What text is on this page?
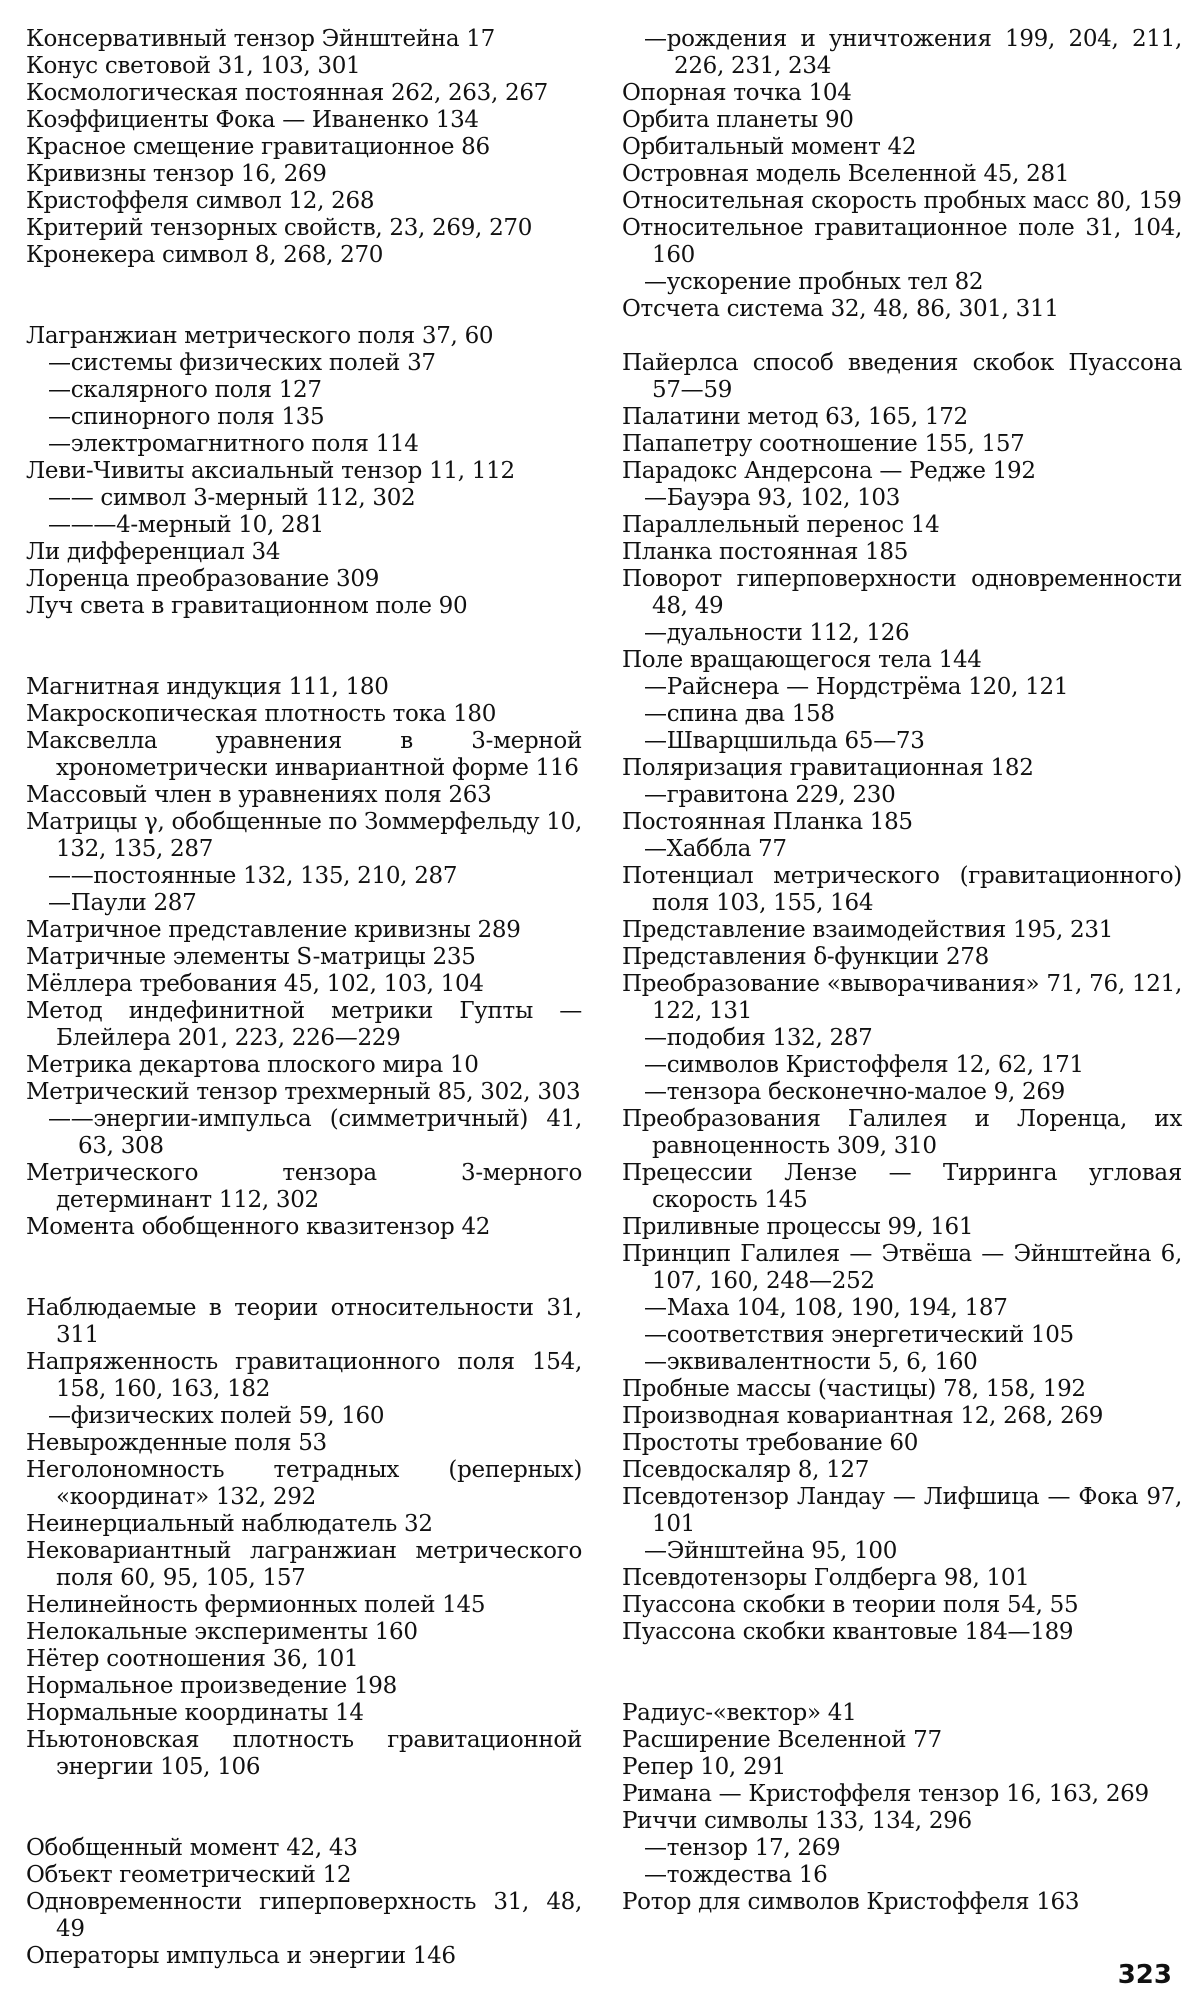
Консервативный тензор Эйнштейна 17
Конус световой 31, 103, 301
Космологическая постоянная 262, 263, 267
Коэффициенты Фока — Иваненко 134
Красное смещение гравитационное 86
Кривизны тензор 16, 269
Кристоффеля символ 12, 268
Критерий тензорных свойств, 23, 269, 270
Кронекера символ 8, 268, 270
Лагранжиан метрического поля 37, 60
—системы физических полей 37
—скалярного поля 127
—спинорного поля 135
—электромагнитного поля 114
Леви-Чивиты аксиальный тензор 11, 112
—— символ 3-мерный 112, 302
———4-мерный 10, 281
Ли дифференциал 34
Лоренца преобразование 309
Луч света в гравитационном поле 90
Магнитная индукция 111, 180
Макроскопическая плотность тока 180
Максвелла уравнения в 3-мерной хронометрически инвариантной форме 116
Массовый член в уравнениях поля 263
Матрицы γ, обобщенные по Зоммерфельду 10, 132, 135, 287
——постоянные 132, 135, 210, 287
—Паули 287
Матричное представление кривизны 289
Матричные элементы S-матрицы 235
Мёллера требования 45, 102, 103, 104
Метод индефинитной метрики Гупты — Блейлера 201, 223, 226—229
Метрика декартова плоского мира 10
Метрический тензор трехмерный 85, 302, 303
——энергии-импульса (симметричный) 41, 63, 308
Метрического тензора 3-мерного детерминант 112, 302
Момента обобщенного квазитензор 42
Наблюдаемые в теории относительности 31, 311
Напряженность гравитационного поля 154, 158, 160, 163, 182
—физических полей 59, 160
Невырожденные поля 53
Неголономность тетрадных (реперных) «координат» 132, 292
Неинерциальный наблюдатель 32
Нековариантный лагранжиан метрического поля 60, 95, 105, 157
Нелинейность фермионных полей 145
Нелокальные эксперименты 160
Нётер соотношения 36, 101
Нормальное произведение 198
Нормальные координаты 14
Ньютоновская плотность гравитационной энергии 105, 106
Обобщенный момент 42, 43
Объект геометрический 12
Одновременности гиперповерхность 31, 48, 49
Операторы импульса и энергии 146
—рождения и уничтожения 199, 204, 211, 226, 231, 234
Опорная точка 104
Орбита планеты 90
Орбитальный момент 42
Островная модель Вселенной 45, 281
Относительная скорость пробных масс 80, 159
Относительное гравитационное поле 31, 104, 160
—ускорение пробных тел 82
Отсчета система 32, 48, 86, 301, 311
Пайерлса способ введения скобок Пуассона 57—59
Палатини метод 63, 165, 172
Папапетру соотношение 155, 157
Парадокс Андерсона — Редже 192
—Бауэра 93, 102, 103
Параллельный перенос 14
Планка постоянная 185
Поворот гиперповерхности одновременности 48, 49
—дуальности 112, 126
Поле вращающегося тела 144
—Райснера — Нордстрёма 120, 121
—спина два 158
—Шварцшильда 65—73
Поляризация гравитационная 182
—гравитона 229, 230
Постоянная Планка 185
—Хаббла 77
Потенциал метрического (гравитационного) поля 103, 155, 164
Представление взаимодействия 195, 231
Представления δ-функции 278
Преобразование «выворачивания» 71, 76, 121, 122, 131
—подобия 132, 287
—символов Кристоффеля 12, 62, 171
—тензора бесконечно-малое 9, 269
Преобразования Галилея и Лоренца, их равноценность 309, 310
Прецессии Лензе — Тирринга угловая скорость 145
Приливные процессы 99, 161
Принцип Галилея — Этвёша — Эйнштейна 6, 107, 160, 248—252
—Маха 104, 108, 190, 194, 187
—соответствия энергетический 105
—эквивалентности 5, 6, 160
Пробные массы (частицы) 78, 158, 192
Производная ковариантная 12, 268, 269
Простоты требование 60
Псевдоскаляр 8, 127
Псевдотензор Ландау — Лифшица — Фока 97, 101
—Эйнштейна 95, 100
Псевдотензоры Голдберга 98, 101
Пуассона скобки в теории поля 54, 55
Пуассона скобки квантовые 184—189
Радиус-«вектор» 41
Расширение Вселенной 77
Репер 10, 291
Римана — Кристоффеля тензор 16, 163, 269
Риччи символы 133, 134, 296
—тензор 17, 269
—тождества 16
Ротор для символов Кристоффеля 163
323
